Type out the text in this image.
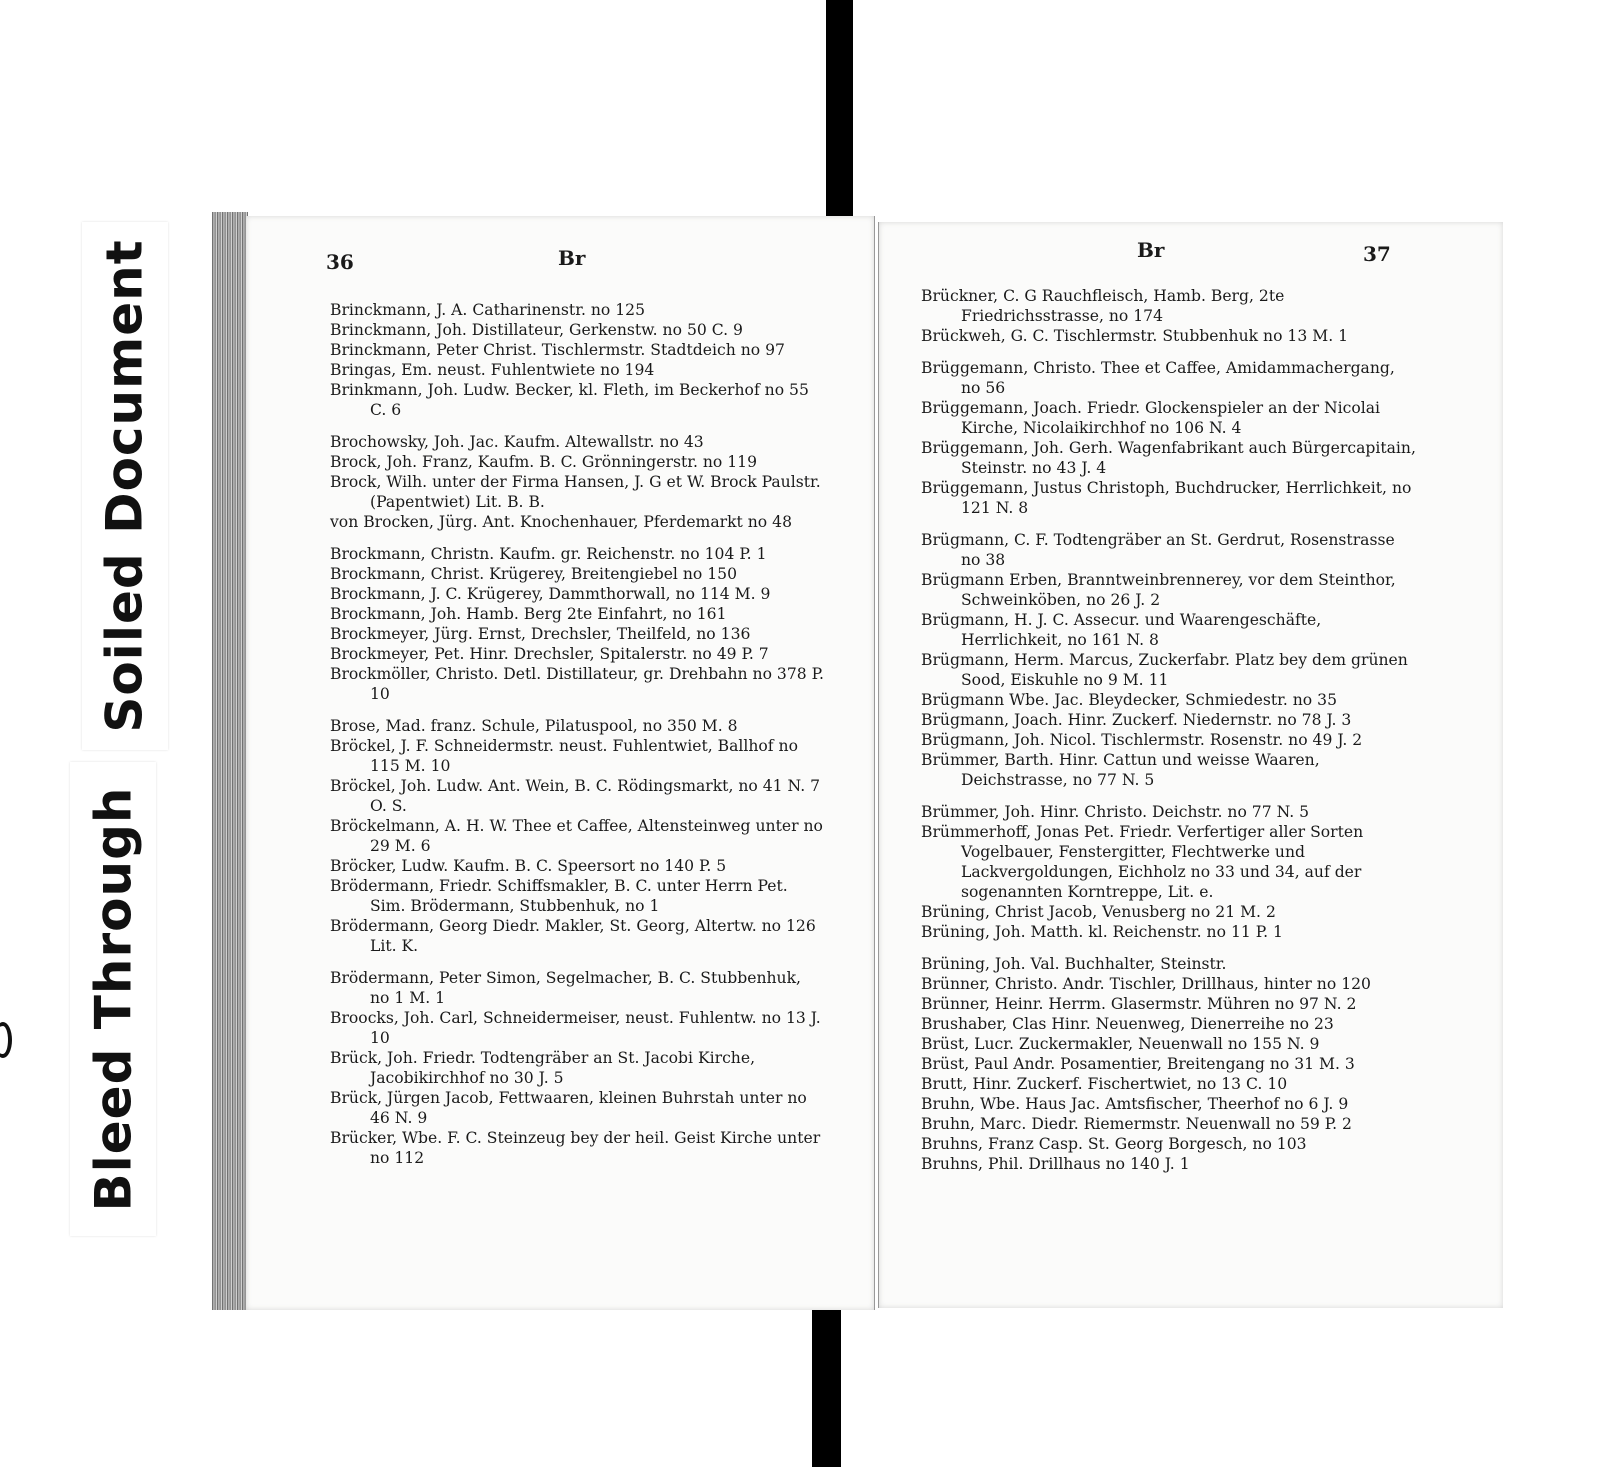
Soiled Document
Bleed Through
36	Br
Brinckmann, J. A. Catharinenstr. no 125
Brinckmann, Joh. Distillateur, Gerkenstw. no 50 C. 9
Brinckmann, Peter Christ. Tischlermstr. Stadtdeich no 97
Bringas, Em. neust. Fuhlentwiete no 194
Brinkmann, Joh. Ludw. Becker, kl. Fleth, im Beckerhof no 55 C. 6
Brochowsky, Joh. Jac. Kaufm. Altewallstr. no 43
Brock, Joh. Franz, Kaufm. B. C. Grönningerstr. no 119
Brock, Wilh. unter der Firma Hansen, J. G et W. Brock Paulstr. (Papentwiet) Lit. B. B.
von Brocken, Jürg. Ant. Knochenhauer, Pferdemarkt no 48
Brockmann, Christn. Kaufm. gr. Reichenstr. no 104 P. 1
Brockmann, Christ. Krügerey, Breitengiebel no 150
Brockmann, J. C. Krügerey, Dammthorwall, no 114 M. 9
Brockmann, Joh. Hamb. Berg 2te Einfahrt, no 161
Brockmeyer, Jürg. Ernst, Drechsler, Theilfeld, no 136
Brockmeyer, Pet. Hinr. Drechsler, Spitalerstr. no 49 P. 7
Brockmöller, Christo. Detl. Distillateur, gr. Drehbahn no 378 P. 10
Brose, Mad. franz. Schule, Pilatuspool, no 350 M. 8
Bröckel, J. F. Schneidermstr. neust. Fuhlentwiet, Ballhof no 115 M. 10
Bröckel, Joh. Ludw. Ant. Wein, B. C. Rödingsmarkt, no 41 N. 7 O. S.
Bröckelmann, A. H. W. Thee et Caffee, Altensteinweg unter no 29 M. 6
Bröcker, Ludw. Kaufm. B. C. Speersort no 140 P. 5
Brödermann, Friedr. Schiffsmakler, B. C. unter Herrn Pet. Sim. Brödermann, Stubbenhuk, no 1
Brödermann, Georg Diedr. Makler, St. Georg, Altertw. no 126 Lit. K.
Brödermann, Peter Simon, Segelmacher, B. C. Stubbenhuk, no 1 M. 1
Broocks, Joh. Carl, Schneidermeiser, neust. Fuhlentw. no 13 J. 10
Brück, Joh. Friedr. Todtengräber an St. Jacobi Kirche, Jacobikirchhof no 30 J. 5
Brück, Jürgen Jacob, Fettwaaren, kleinen Buhrstah unter no 46 N. 9
Brücker, Wbe. F. C. Steinzeug bey der heil. Geist Kirche unter no 112
Br	37
Brückner, C. G Rauchfleisch, Hamb. Berg, 2te Friedrichsstrasse, no 174
Brückweh, G. C. Tischlermstr. Stubbenhuk no 13 M. 1
Brüggemann, Christo. Thee et Caffee, Amidammachergang, no 56
Brüggemann, Joach. Friedr. Glockenspieler an der Nicolai Kirche, Nicolaikirchhof no 106 N. 4
Brüggemann, Joh. Gerh. Wagenfabrikant auch Bürgercapitain, Steinstr. no 43 J. 4
Brüggemann, Justus Christoph, Buchdrucker, Herrlichkeit, no 121 N. 8
Brügmann, C. F. Todtengräber an St. Gerdrut, Rosenstrasse no 38
Brügmann Erben, Branntweinbrennerey, vor dem Steinthor, Schweinköben, no 26 J. 2
Brügmann, H. J. C. Assecur. und Waarengeschäfte, Herrlichkeit, no 161 N. 8
Brügmann, Herm. Marcus, Zuckerfabr. Platz bey dem grünen Sood, Eiskuhle no 9 M. 11
Brügmann Wbe. Jac. Bleydecker, Schmiedestr. no 35
Brügmann, Joach. Hinr. Zuckerf. Niedernstr. no 78 J. 3
Brügmann, Joh. Nicol. Tischlermstr. Rosenstr. no 49 J. 2
Brümmer, Barth. Hinr. Cattun und weisse Waaren, Deichstrasse, no 77 N. 5
Brümmer, Joh. Hinr. Christo. Deichstr. no 77 N. 5
Brümmerhoff, Jonas Pet. Friedr. Verfertiger aller Sorten Vogelbauer, Fenstergitter, Flechtwerke und Lackvergoldungen, Eichholz no 33 und 34, auf der sogenannten Korntreppe, Lit. e.
Brüning, Christ Jacob, Venusberg no 21 M. 2
Brüning, Joh. Matth. kl. Reichenstr. no 11 P. 1
Brüning, Joh. Val. Buchhalter, Steinstr.
Brünner, Christo. Andr. Tischler, Drillhaus, hinter no 120
Brünner, Heinr. Herrm. Glasermstr. Mühren no 97 N. 2
Brushaber, Clas Hinr. Neuenweg, Dienerreihe no 23
Brüst, Lucr. Zuckermakler, Neuenwall no 155 N. 9
Brüst, Paul Andr. Posamentier, Breitengang no 31 M. 3
Brutt, Hinr. Zuckerf. Fischertwiet, no 13 C. 10
Bruhn, Wbe. Haus Jac. Amtsfischer, Theerhof no 6 J. 9
Bruhn, Marc. Diedr. Riemermstr. Neuenwall no 59 P. 2
Bruhns, Franz Casp. St. Georg Borgesch, no 103
Bruhns, Phil. Drillhaus no 140 J. 1
